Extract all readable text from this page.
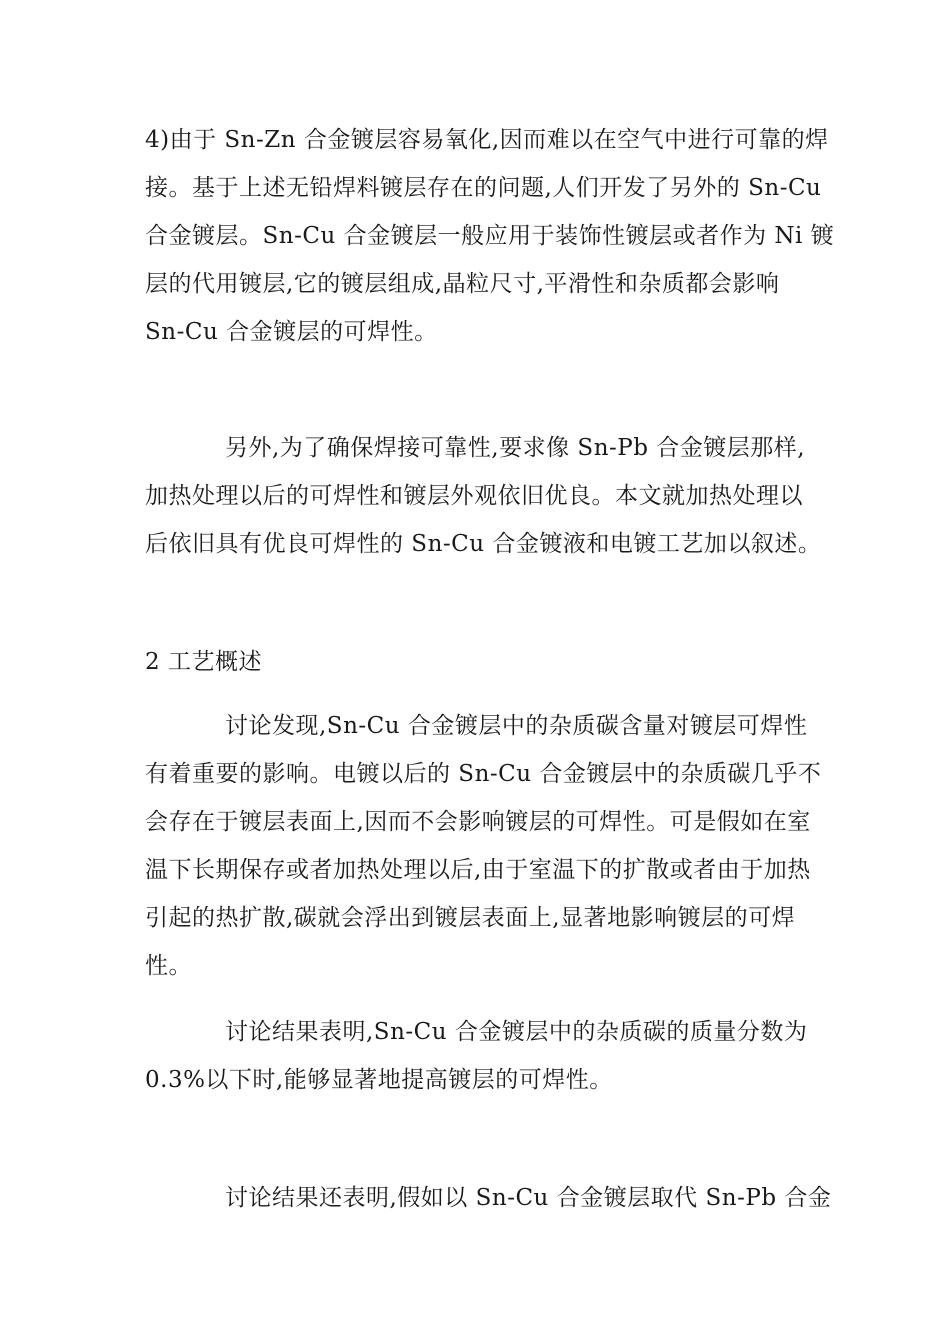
4)由于 Sn-Zn 合金镀层容易氧化,因而难以在空气中进行可靠的焊
接。基于上述无铅焊料镀层存在的问题,人们开发了另外的 Sn-Cu
合金镀层。Sn-Cu 合金镀层一般应用于装饰性镀层或者作为 Ni 镀
层的代用镀层,它的镀层组成,晶粒尺寸,平滑性和杂质都会影响
Sn-Cu 合金镀层的可焊性。
另外,为了确保焊接可靠性,要求像 Sn-Pb 合金镀层那样,
加热处理以后的可焊性和镀层外观依旧优良。本文就加热处理以
后依旧具有优良可焊性的 Sn-Cu 合金镀液和电镀工艺加以叙述。
2 工艺概述
讨论发现,Sn-Cu 合金镀层中的杂质碳含量对镀层可焊性
有着重要的影响。电镀以后的 Sn-Cu 合金镀层中的杂质碳几乎不
会存在于镀层表面上,因而不会影响镀层的可焊性。可是假如在室
温下长期保存或者加热处理以后,由于室温下的扩散或者由于加热
引起的热扩散,碳就会浮出到镀层表面上,显著地影响镀层的可焊
性。
讨论结果表明,Sn-Cu 合金镀层中的杂质碳的质量分数为
0.3%以下时,能够显著地提高镀层的可焊性。
讨论结果还表明,假如以 Sn-Cu 合金镀层取代 Sn-Pb 合金
